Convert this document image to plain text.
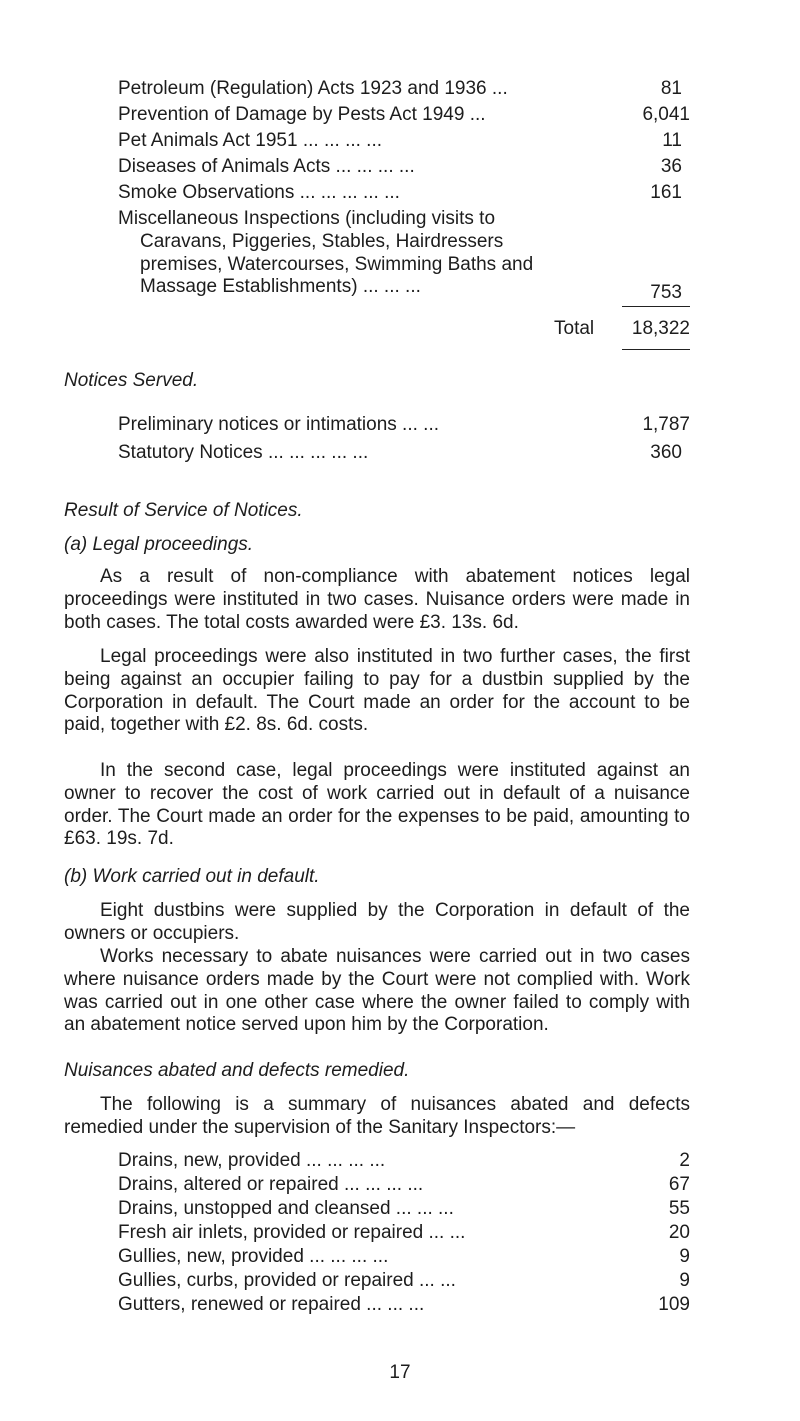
Petroleum (Regulation) Acts 1923 and 1936 ...	81
Prevention of Damage by Pests Act 1949 ...	6,041
Pet Animals Act 1951 ... ... ... ...	11
Diseases of Animals Acts ... ... ... ...	36
Smoke Observations ... ... ... ... ...	161
Miscellaneous Inspections (including visits to
Caravans, Piggeries, Stables, Hairdressers
premises, Watercourses, Swimming Baths and
Massage Establishments) ... ... ...	753
Total 18,322
Notices Served.
Preliminary notices or intimations ... ...	1,787
Statutory Notices ... ... ... ... ...	360
Result of Service of Notices.
(a) Legal proceedings.
As a result of non-compliance with abatement notices legal proceedings were instituted in two cases. Nuisance orders were made in both cases. The total costs awarded were £3. 13s. 6d.
Legal proceedings were also instituted in two further cases, the first being against an occupier failing to pay for a dustbin supplied by the Corporation in default. The Court made an order for the account to be paid, together with £2. 8s. 6d. costs.
In the second case, legal proceedings were instituted against an owner to recover the cost of work carried out in default of a nuisance order. The Court made an order for the expenses to be paid, amounting to £63. 19s. 7d.
(b) Work carried out in default.
Eight dustbins were supplied by the Corporation in default of the owners or occupiers.
Works necessary to abate nuisances were carried out in two cases where nuisance orders made by the Court were not complied with. Work was carried out in one other case where the owner failed to comply with an abatement notice served upon him by the Corporation.
Nuisances abated and defects remedied.
The following is a summary of nuisances abated and defects remedied under the supervision of the Sanitary Inspectors:—
Drains, new, provided ... ... ... ...	2
Drains, altered or repaired ... ... ... ...	67
Drains, unstopped and cleansed ... ... ...	55
Fresh air inlets, provided or repaired ... ...	20
Gullies, new, provided ... ... ... ...	9
Gullies, curbs, provided or repaired ... ...	9
Gutters, renewed or repaired ... ... ...	109
17
